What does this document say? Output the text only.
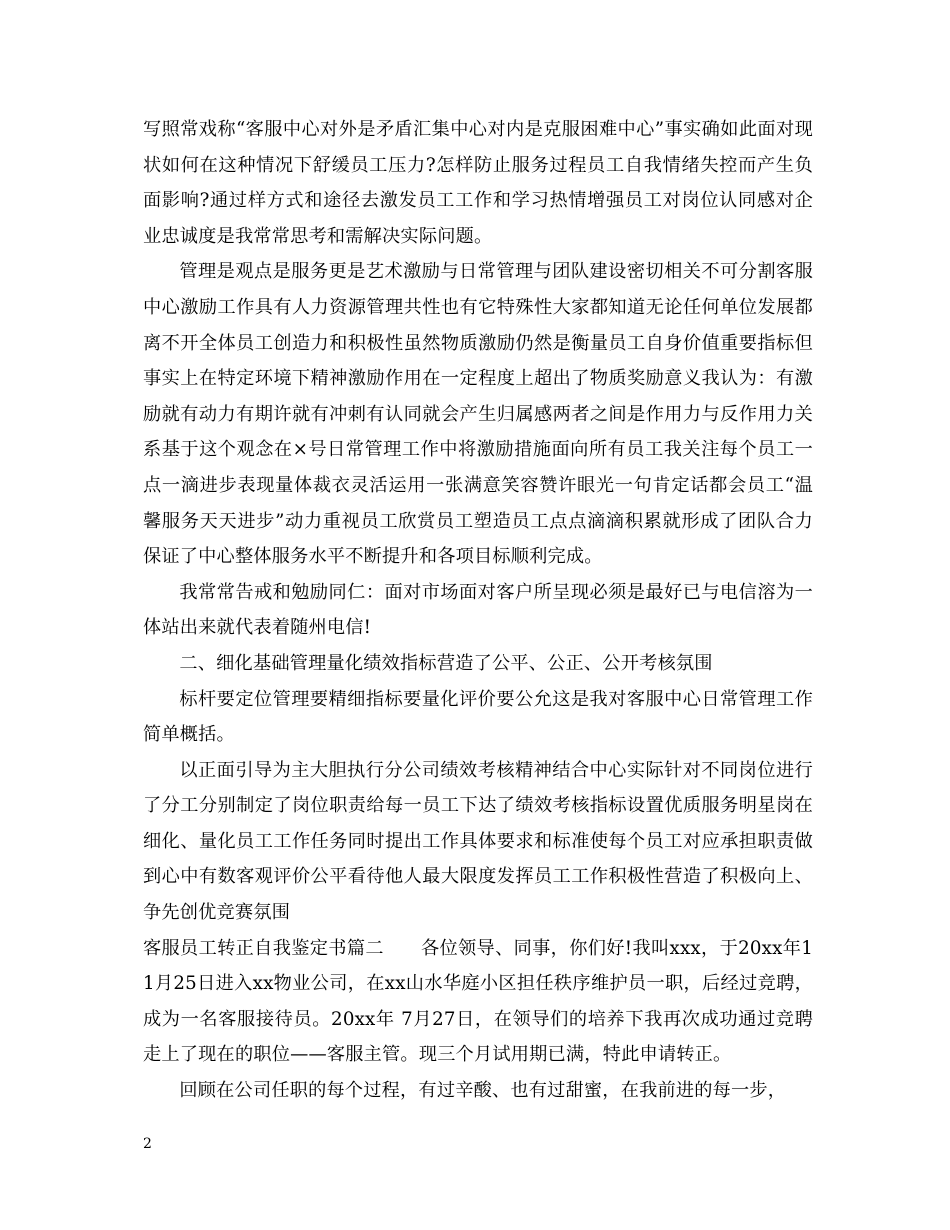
写照常戏称“客服中心对外是矛盾汇集中心对内是克服困难中心”事实确如此面对现状如何在这种情况下舒缓员工压力?怎样防止服务过程员工自我情绪失控而产生负面影响?通过样方式和途径去激发员工工作和学习热情增强员工对岗位认同感对企业忠诚度是我常常思考和需解决实际问题。

管理是观点是服务更是艺术激励与日常管理与团队建设密切相关不可分割客服中心激励工作具有人力资源管理共性也有它特殊性大家都知道无论任何单位发展都离不开全体员工创造力和积极性虽然物质激励仍然是衡量员工自身价值重要指标但事实上在特定环境下精神激励作用在一定程度上超出了物质奖励意义我认为：有激励就有动力有期许就有冲刺有认同就会产生归属感两者之间是作用力与反作用力关系基于这个观念在×号日常管理工作中将激励措施面向所有员工我关注每个员工一点一滴进步表现量体裁衣灵活运用一张满意笑容赞许眼光一句肯定话都会员工“温馨服务天天进步”动力重视员工欣赏员工塑造员工点点滴滴积累就形成了团队合力保证了中心整体服务水平不断提升和各项目标顺利完成。

我常常告戒和勉励同仁：面对市场面对客户所呈现必须是最好已与电信溶为一体站出来就代表着随州电信!

二、细化基础管理量化绩效指标营造了公平、公正、公开考核氛围

标杆要定位管理要精细指标要量化评价要公允这是我对客服中心日常管理工作简单概括。

以正面引导为主大胆执行分公司绩效考核精神结合中心实际针对不同岗位进行了分工分别制定了岗位职责给每一员工下达了绩效考核指标设置优质服务明星岗在细化、量化员工工作任务同时提出工作具体要求和标准使每个员工对应承担职责做到心中有数客观评价公平看待他人最大限度发挥员工工作积极性营造了积极向上、争先创优竞赛氛围

客服员工转正自我鉴定书篇二　　各位领导、同事，你们好!我叫xxx，于20xx年11月25日进入xx物业公司，在xx山水华庭小区担任秩序维护员一职，后经过竞聘，成为一名客服接待员。20xx年 7月27日，在领导们的培养下我再次成功通过竞聘走上了现在的职位——客服主管。现三个月试用期已满，特此申请转正。

回顾在公司任职的每个过程，有过辛酸、也有过甜蜜，在我前进的每一步，

2
